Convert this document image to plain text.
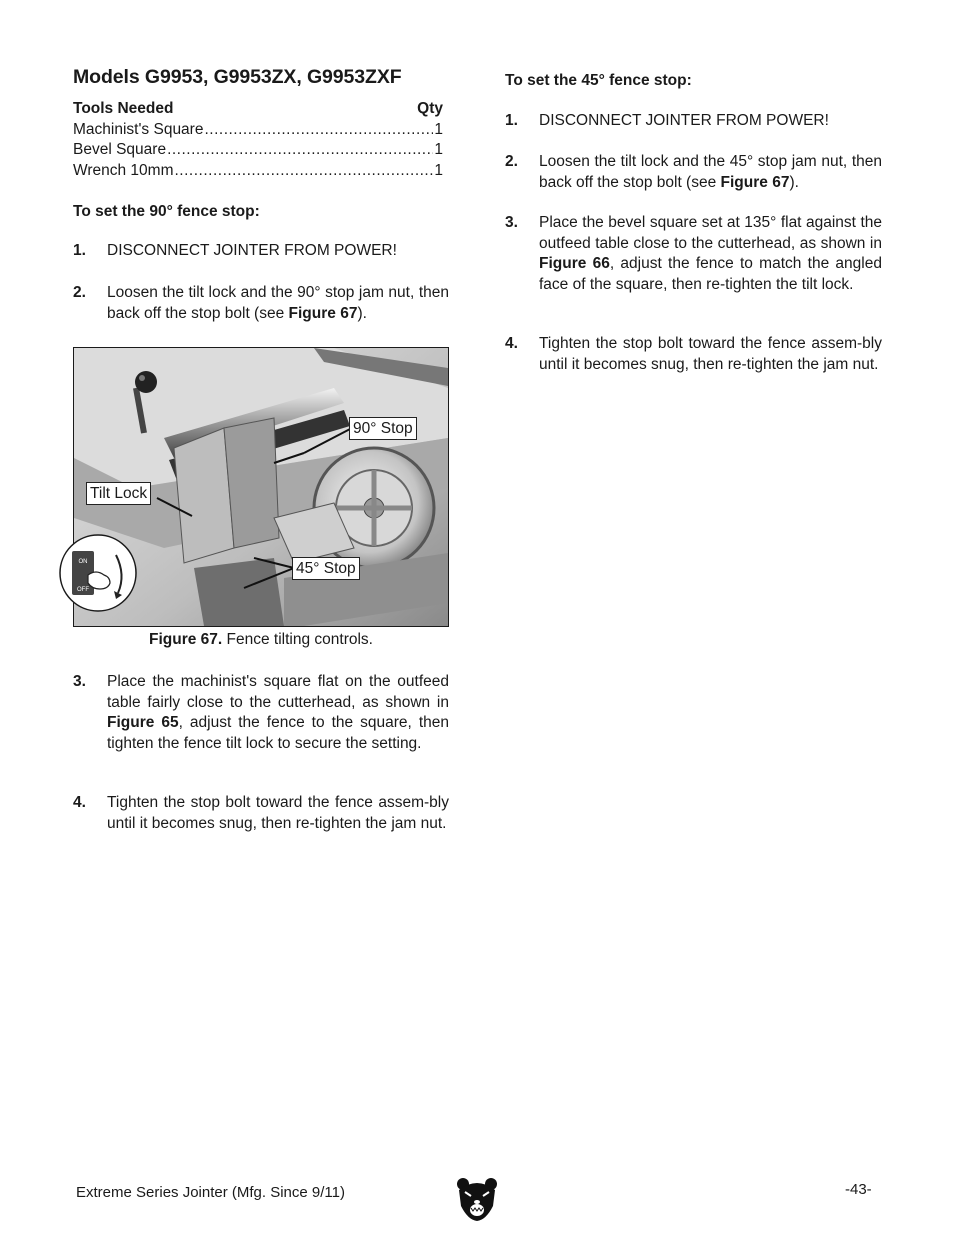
Models G9953, G9953ZX, G9953ZXF
Tools Needed	Qty
Machinist's Square .....	1
Bevel Square .....	1
Wrench 10mm .....	1

To set the 90° fence stop:

1.	DISCONNECT JOINTER FROM POWER!
2.	Loosen the tilt lock and the 90° stop jam nut, then back off the stop bolt (see Figure 67).
90° Stop
Tilt Lock
45° Stop
ON
OFF
Figure 67. Fence tilting controls.
3.	Place the machinist's square flat on the outfeed table fairly close to the cutterhead, as shown in Figure 65, adjust the fence to the square, then tighten the fence tilt lock to secure the setting.
4.	Tighten the stop bolt toward the fence assem-bly until it becomes snug, then re-tighten the jam nut.

To set the 45° fence stop:

1.	DISCONNECT JOINTER FROM POWER!
2.	Loosen the tilt lock and the 45° stop jam nut, then back off the stop bolt (see Figure 67).
3.	Place the bevel square set at 135° flat against the outfeed table close to the cutterhead, as shown in Figure 66, adjust the fence to match the angled face of the square, then re-tighten the tilt lock.
4.	Tighten the stop bolt toward the fence assem-bly until it becomes snug, then re-tighten the jam nut.
Extreme Series Jointer (Mfg. Since 9/11)	-43-
